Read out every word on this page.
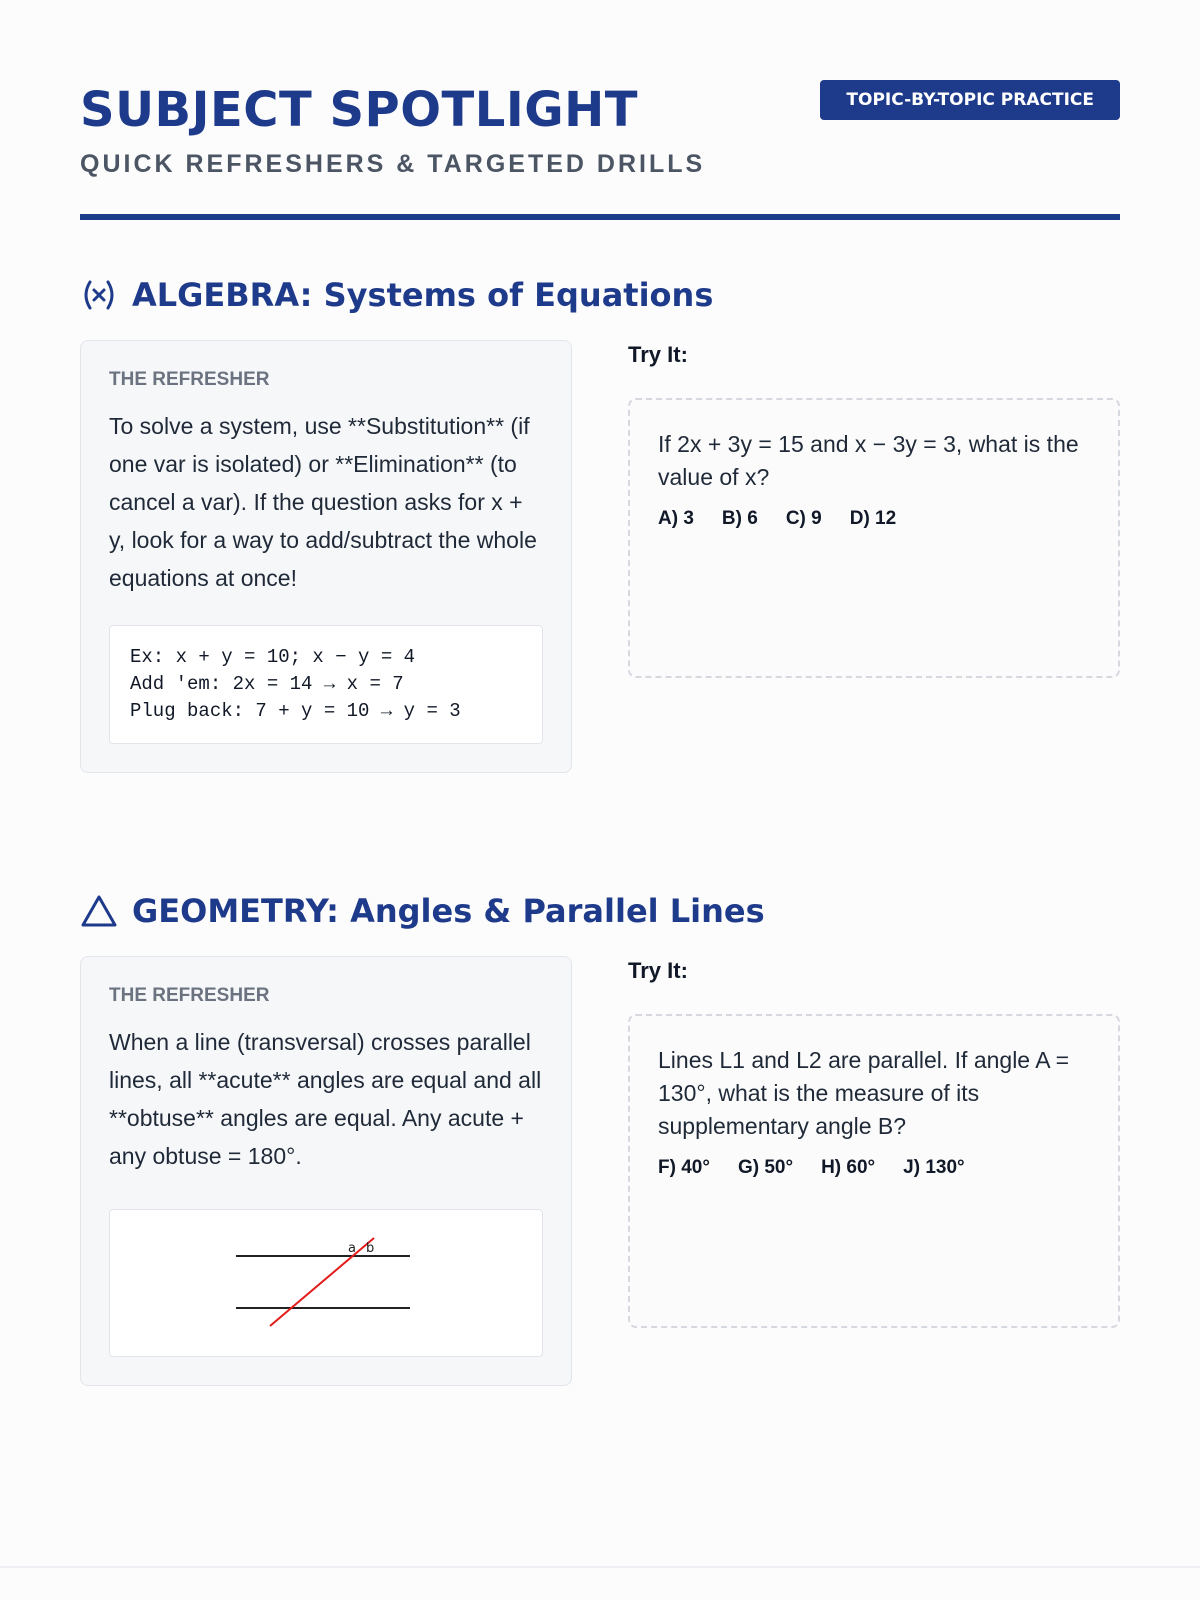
SUBJECT SPOTLIGHT	TOPIC-BY-TOPIC PRACTICE
QUICK REFRESHERS & TARGETED DRILLS
ALGEBRA: Systems of Equations
THE REFRESHER
To solve a system, use **Substitution** (if one var is isolated) or **Elimination** (to cancel a var). If the question asks for x + y, look for a way to add/subtract the whole equations at once!
Ex: x + y = 10; x − y = 4
Add 'em: 2x = 14 → x = 7
Plug back: 7 + y = 10 → y = 3
Try It:
If 2x + 3y = 15 and x − 3y = 3, what is the value of x?
A) 3 B) 6 C) 9 D) 12
GEOMETRY: Angles & Parallel Lines
THE REFRESHER
When a line (transversal) crosses parallel lines, all **acute** angles are equal and all **obtuse** angles are equal. Any acute + any obtuse = 180°.
a b
Try It:
Lines L1 and L2 are parallel. If angle A = 130°, what is the measure of its supplementary angle B?
F) 40° G) 50° H) 60° J) 130°
